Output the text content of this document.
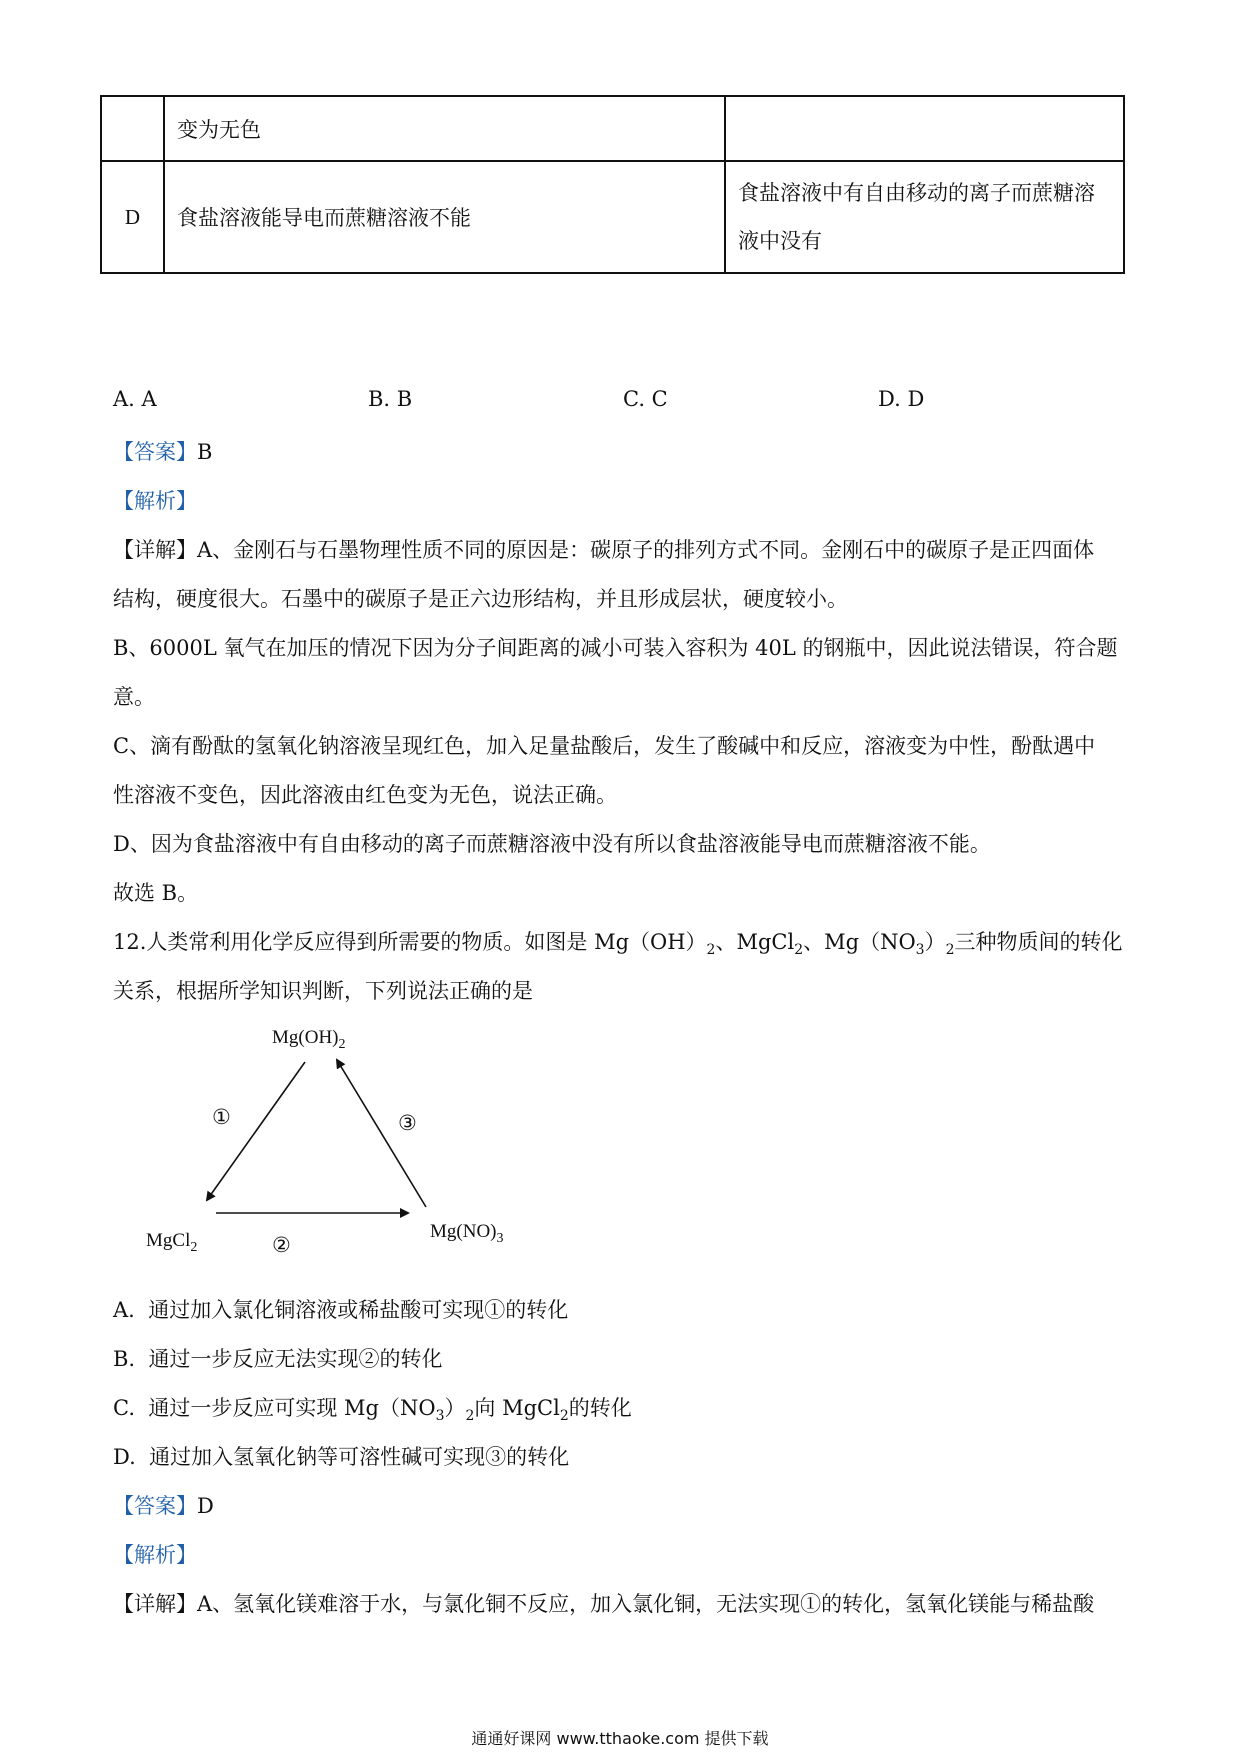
	变为无色	
D	食盐溶液能导电而蔗糖溶液不能	食盐溶液中有自由移动的离子而蔗糖溶
液中没有
A. A	B. B	C. C	D. D
【答案】B
【解析】
【详解】A、金刚石与石墨物理性质不同的原因是：碳原子的排列方式不同。金刚石中的碳原子是正四面体
结构，硬度很大。石墨中的碳原子是正六边形结构，并且形成层状，硬度较小。
B、6000L 氧气在加压的情况下因为分子间距离的减小可装入容积为 40L 的钢瓶中，因此说法错误，符合题
意。
C、滴有酚酞的氢氧化钠溶液呈现红色，加入足量盐酸后，发生了酸碱中和反应，溶液变为中性，酚酞遇中
性溶液不变色，因此溶液由红色变为无色，说法正确。
D、因为食盐溶液中有自由移动的离子而蔗糖溶液中没有所以食盐溶液能导电而蔗糖溶液不能。
故选 B。
12.人类常利用化学反应得到所需要的物质。如图是 $Mg(OH)_2$、MgCl$_2$、$Mg(NO_3)_2$三种物质间的转化
关系，根据所学知识判断，下列说法正确的是
$Mg(OH)_2$
MgCl$_2$
$Mg(NO)_3$
①
②
③
A. 通过加入氯化铜溶液或稀盐酸可实现①的转化
B. 通过一步反应无法实现②的转化
C. 通过一步反应可实现 $Mg(NO_3)_2$向 MgCl$_2$的转化
D. 通过加入氢氧化钠等可溶性碱可实现③的转化
【答案】D
【解析】
【详解】A、氢氧化镁难溶于水，与氯化铜不反应，加入氯化铜，无法实现①的转化，氢氧化镁能与稀盐酸
通通好课网 www.tthaoke.com 提供下载
